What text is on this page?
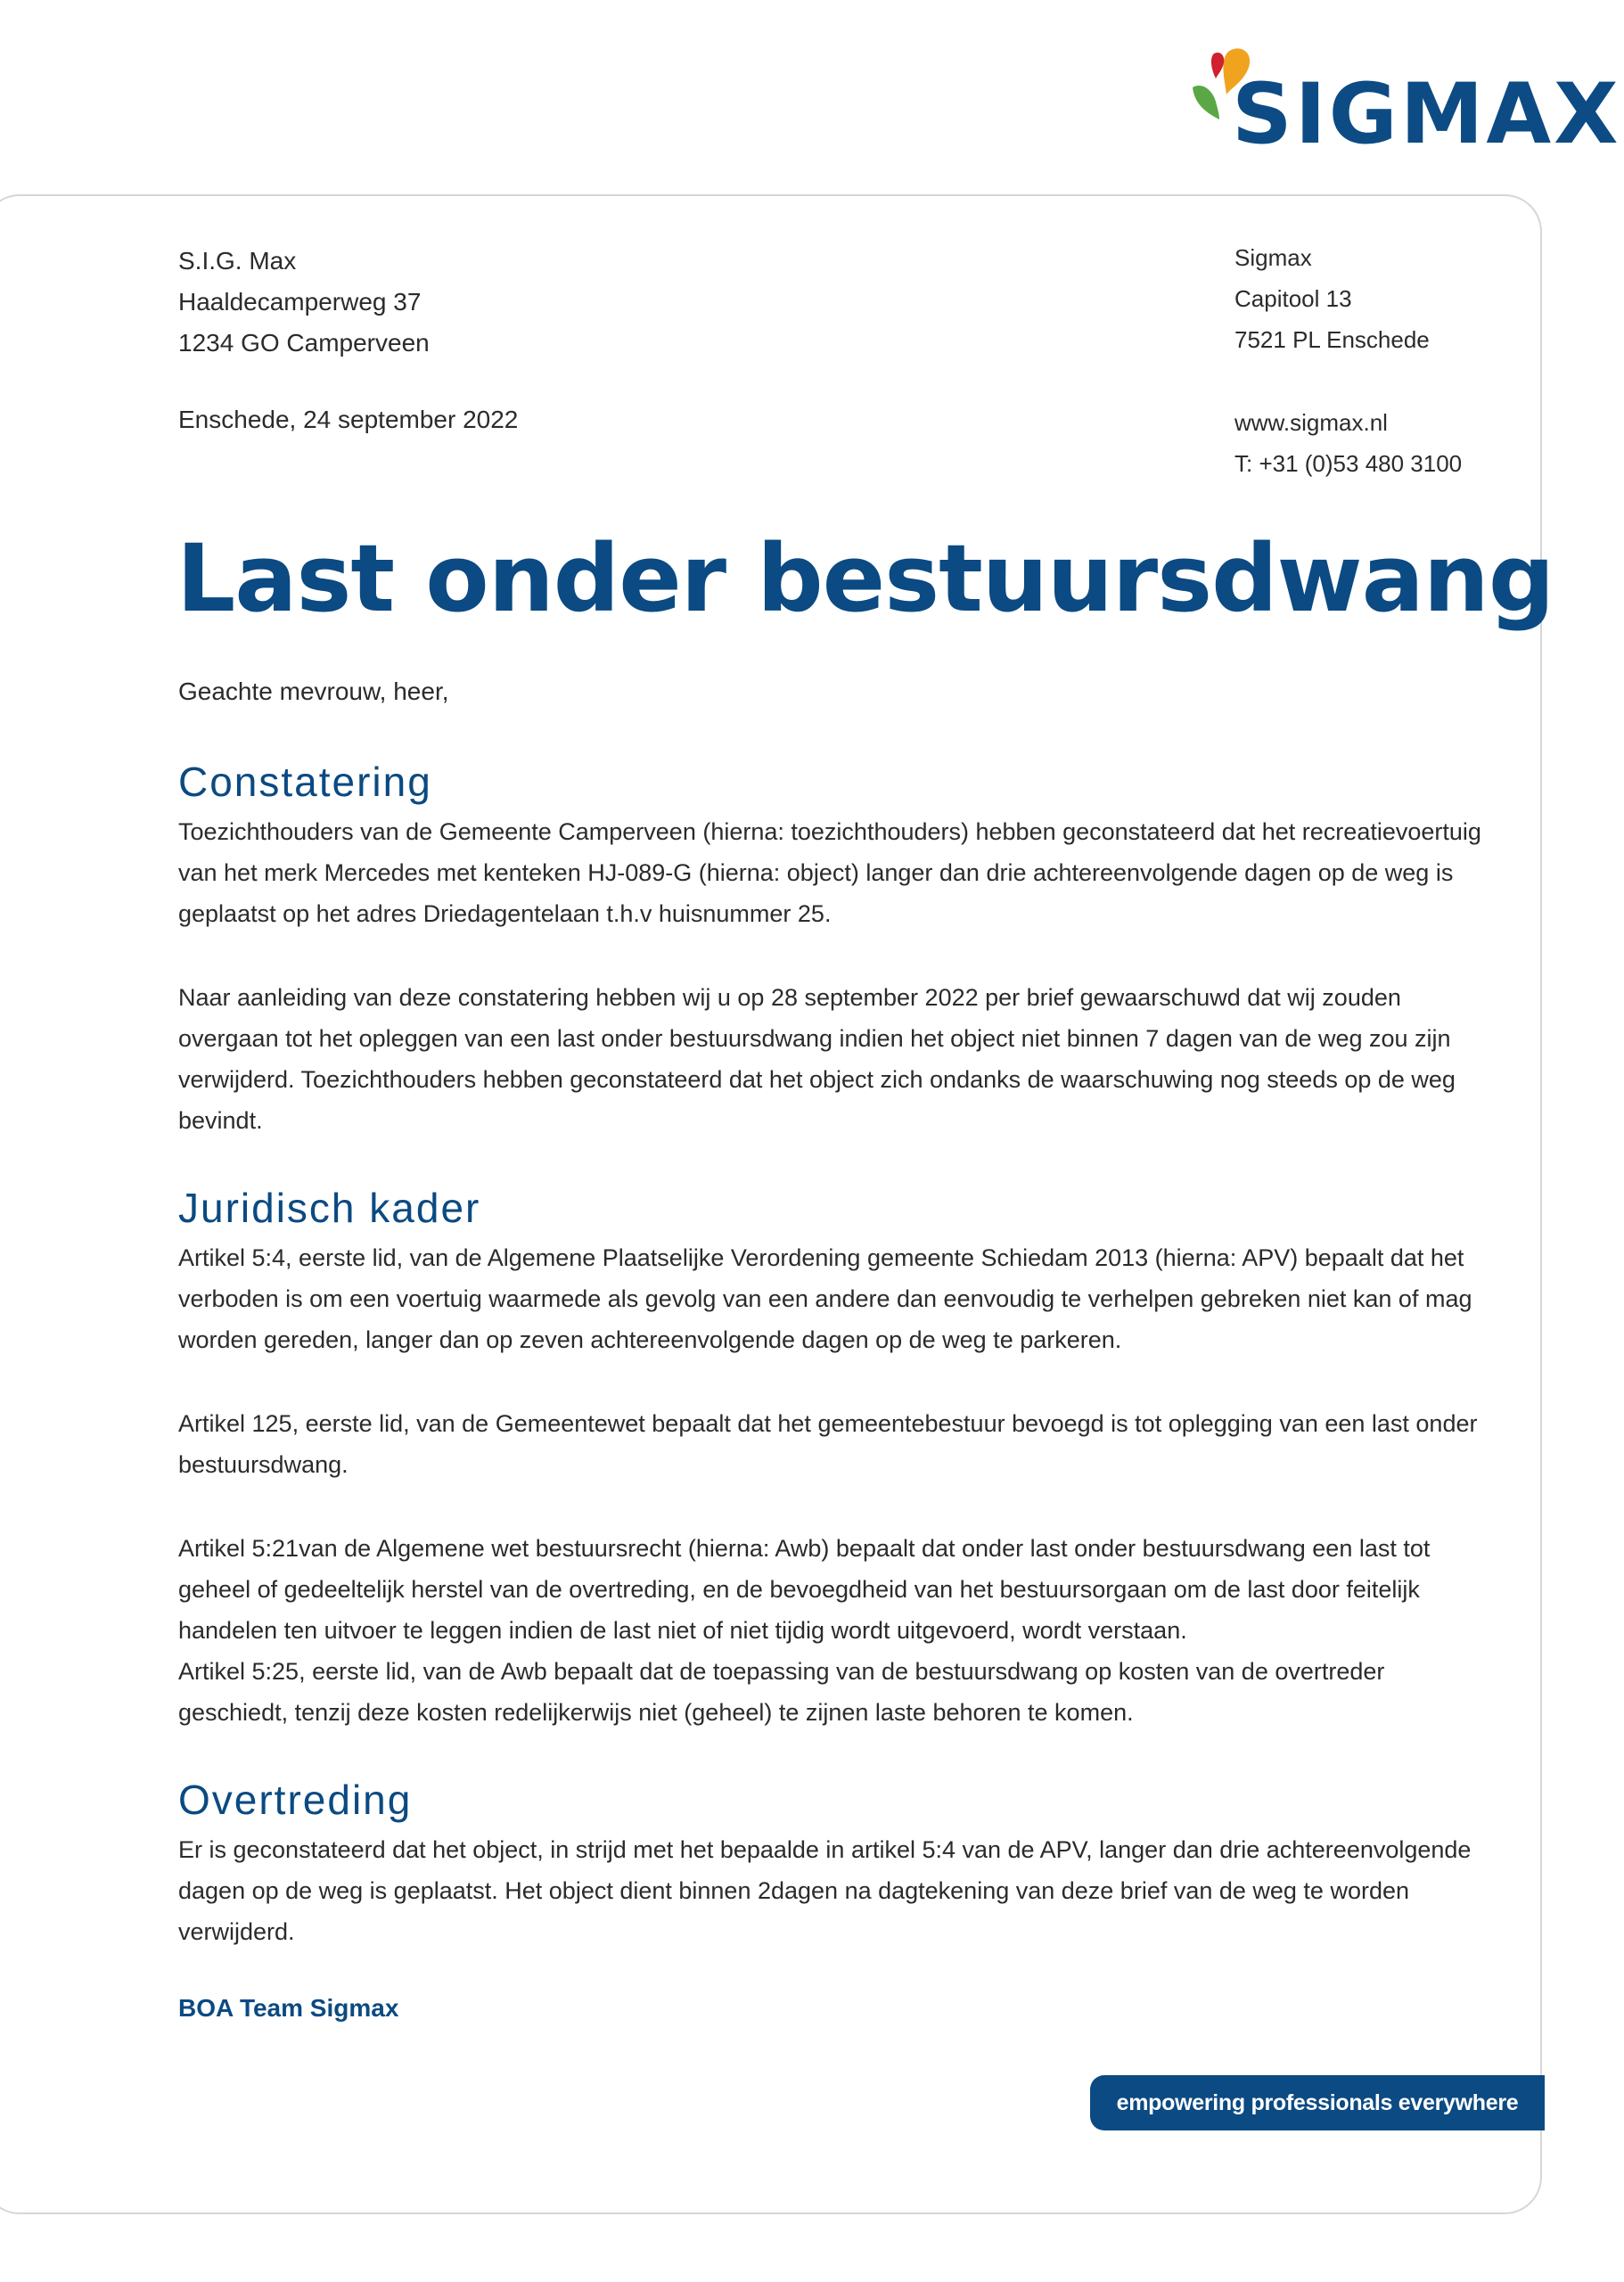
SIGMAX
S.I.G. Max
Haaldecamperweg 37
1234 GO Camperveen
Enschede, 24 september 2022
Sigmax
Capitool 13
7521 PL Enschede
www.sigmax.nl
T: +31 (0)53 480 3100
Last onder bestuursdwang
Geachte mevrouw, heer,
Constatering

Toezichthouders van de Gemeente Camperveen (hierna: toezichthouders) hebben geconstateerd dat het recreatievoertuig van het merk Mercedes met kenteken HJ-089-G (hierna: object) langer dan drie achtereenvolgende dagen op de weg is geplaatst op het adres Driedagentelaan t.h.v huisnummer 25.

Naar aanleiding van deze constatering hebben wij u op 28 september 2022 per brief gewaarschuwd dat wij zouden overgaan tot het opleggen van een last onder bestuursdwang indien het object niet binnen 7 dagen van de weg zou zijn verwijderd. Toezichthouders hebben geconstateerd dat het object zich ondanks de waarschuwing nog steeds op de weg bevindt.

Juridisch kader

Artikel 5:4, eerste lid, van de Algemene Plaatselijke Verordening gemeente Schiedam 2013 (hierna: APV) bepaalt dat het verboden is om een voertuig waarmede als gevolg van een andere dan eenvoudig te verhelpen gebreken niet kan of mag worden gereden, langer dan op zeven achtereenvolgende dagen op de weg te parkeren.

Artikel 125, eerste lid, van de Gemeentewet bepaalt dat het gemeentebestuur bevoegd is tot oplegging van een last onder bestuursdwang.

Artikel 5:21van de Algemene wet bestuursrecht (hierna: Awb) bepaalt dat onder last onder bestuursdwang een last tot geheel of gedeeltelijk herstel van de overtreding, en de bevoegdheid van het bestuursorgaan om de last door feitelijk handelen ten uitvoer te leggen indien de last niet of niet tijdig wordt uitgevoerd, wordt verstaan.
Artikel 5:25, eerste lid, van de Awb bepaalt dat de toepassing van de bestuursdwang op kosten van de overtreder geschiedt, tenzij deze kosten redelijkerwijs niet (geheel) te zijnen laste behoren te komen.
Overtreding

Er is geconstateerd dat het object, in strijd met het bepaalde in artikel 5:4 van de APV, langer dan drie achtereenvolgende dagen op de weg is geplaatst. Het object dient binnen 2dagen na dagtekening van deze brief van de weg te worden verwijderd.

BOA Team Sigmax
empowering professionals everywhere
